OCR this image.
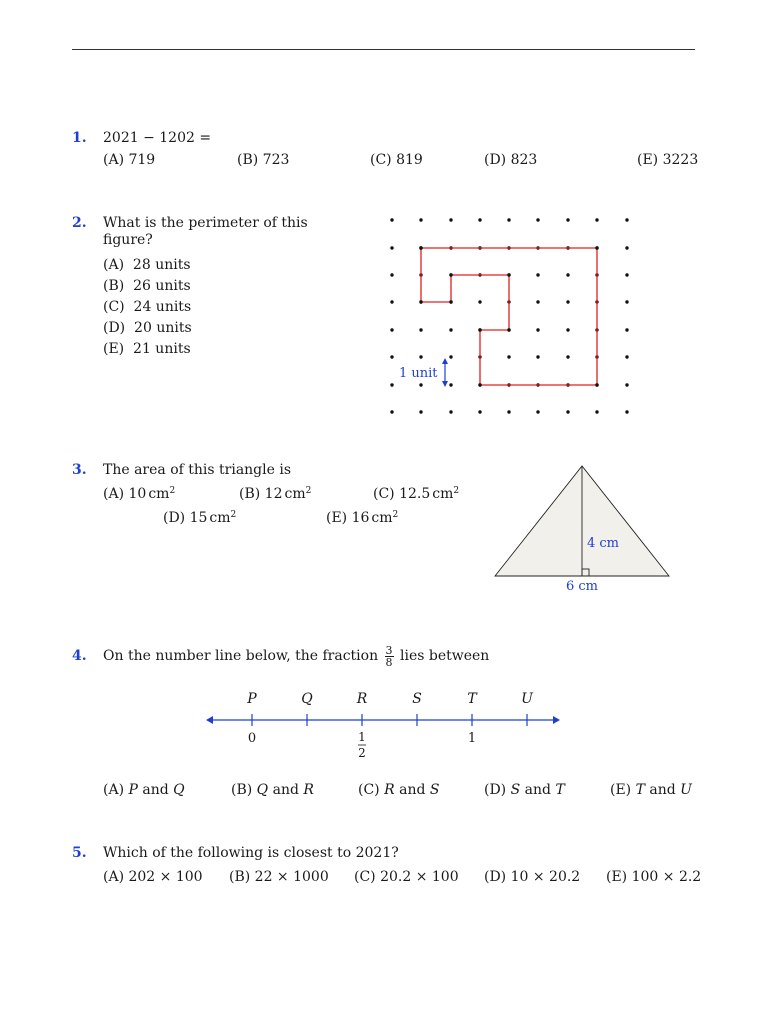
1. 2021 − 1202 =
(A) 719	(B) 723	(C) 819	(D) 823	(E) 3223
2. What is the perimeter of this
figure?
(A)  28 units
(B)  26 units
(C)  24 units
(D)  20 units
(E)  21 units
1 unit
3. The area of this triangle is
(A) 10 $cm^2$	(B) 12 $cm^2$	(C) 12.5 $cm^2$
(D) 15 $cm^2$	(E) 16 $cm^2$
4 cm
6 cm
4. On the number line below, the fraction $\frac{3}{8}$ lies between
P	Q	R	S	T	U
0	1
1
2
(A) P and Q	(B) Q and R	(C) R and S	(D) S and T	(E) T and U
5. Which of the following is closest to 2021?
(A) 202 × 100 (B) 22 × 1000 (C) 20.2 × 100 (D) 10 × 20.2 (E) 100 × 2.2
